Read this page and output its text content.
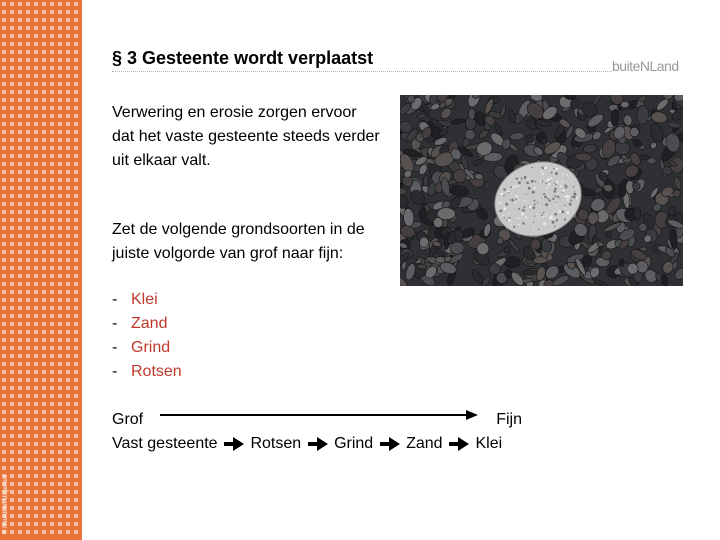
© Noordhoff Uitgevers
§ 3 Gesteente wordt verplaatst	buiteNLand
Verwering en erosie zorgen ervoor dat het vaste gesteente steeds verder uit elkaar valt.
Zet de volgende grondsoorten in de juiste volgorde van grof naar fijn:
- Klei
- Zand
- Grind
- Rotsen
Grof	Fijn
Vast gesteente Rotsen Grind Zand Klei
